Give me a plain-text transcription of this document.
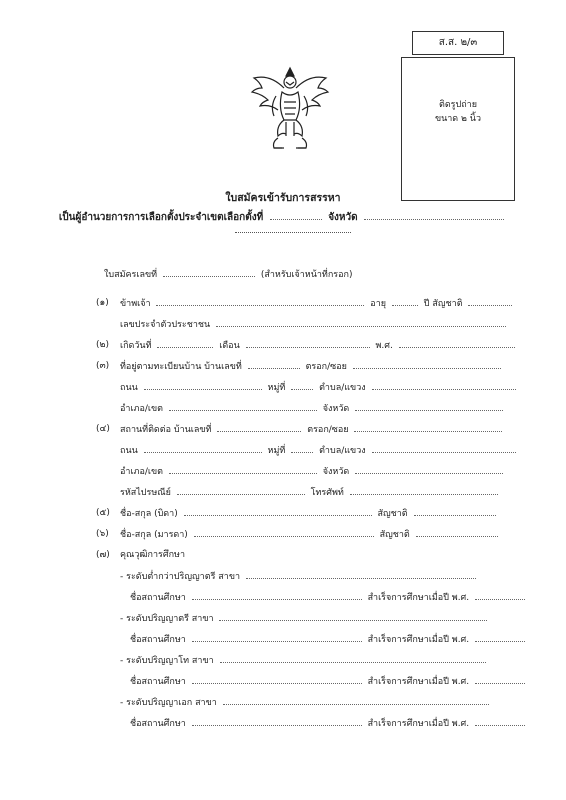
ส.ส. ๒/๓
ติดรูปถ่าย
ขนาด ๒ นิ้ว
ใบสมัครเข้ารับการสรรหา
เป็นผู้อำนวยการการเลือกตั้งประจำเขตเลือกตั้งที่	จังหวัด
ใบสมัครเลขที่	(สำหรับเจ้าหน้าที่กรอก)
(๑) ข้าพเจ้า	อายุ	ปี สัญชาติ
เลขประจำตัวประชาชน
(๒) เกิดวันที่	เดือน	พ.ศ.
(๓) ที่อยู่ตามทะเบียนบ้าน บ้านเลขที่	ตรอก/ซอย
ถนน	หมู่ที่	ตำบล/แขวง
อำเภอ/เขต	จังหวัด
(๔) สถานที่ติดต่อ บ้านเลขที่	ตรอก/ซอย
ถนน	หมู่ที่	ตำบล/แขวง
อำเภอ/เขต	จังหวัด
รหัสไปรษณีย์	โทรศัพท์
(๕) ชื่อ-สกุล (บิดา)	สัญชาติ
(๖) ชื่อ-สกุล (มารดา)	สัญชาติ
(๗) คุณวุฒิการศึกษา
- ระดับต่ำกว่าปริญญาตรี สาขา
ชื่อสถานศึกษา	สำเร็จการศึกษาเมื่อปี พ.ศ.
- ระดับปริญญาตรี สาขา
ชื่อสถานศึกษา	สำเร็จการศึกษาเมื่อปี พ.ศ.
- ระดับปริญญาโท สาขา
ชื่อสถานศึกษา	สำเร็จการศึกษาเมื่อปี พ.ศ.
- ระดับปริญญาเอก สาขา
ชื่อสถานศึกษา	สำเร็จการศึกษาเมื่อปี พ.ศ.
